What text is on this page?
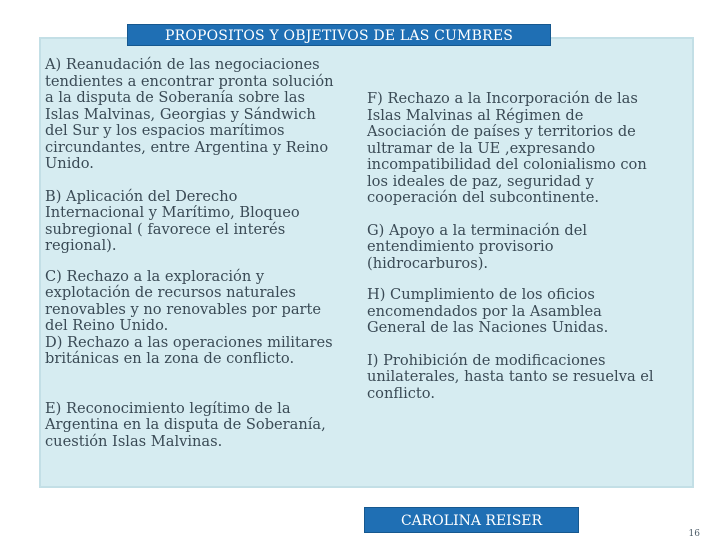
PROPOSITOS Y OBJETIVOS DE LAS CUMBRES

A) Reanudación de las negociaciones
tendientes a encontrar pronta solución
a la disputa de Soberanía sobre las
Islas Malvinas, Georgias y Sándwich
del Sur y los espacios marítimos
circundantes, entre Argentina y Reino
Unido.

B) Aplicación del Derecho
Internacional y Marítimo, Bloqueo
subregional ( favorece el interés
regional).

C) Rechazo a la exploración y
explotación de recursos naturales
renovables y no renovables por parte
del Reino Unido.

D) Rechazo a las operaciones militares
británicas en la zona de conflicto.

E) Reconocimiento legítimo de la
Argentina en la disputa de Soberanía,
cuestión Islas Malvinas.

F) Rechazo a la Incorporación de las
Islas Malvinas al Régimen de
Asociación de países y territorios de
ultramar de la UE ,expresando
incompatibilidad del colonialismo con
los ideales de paz, seguridad y
cooperación del subcontinente.

G) Apoyo a la terminación del
entendimiento provisorio
(hidrocarburos).

H) Cumplimiento de los oficios
encomendados por la Asamblea
General de las Naciones Unidas.

I) Prohibición de modificaciones
unilaterales, hasta tanto se resuelva el
conflicto.

CAROLINA REISER
16
